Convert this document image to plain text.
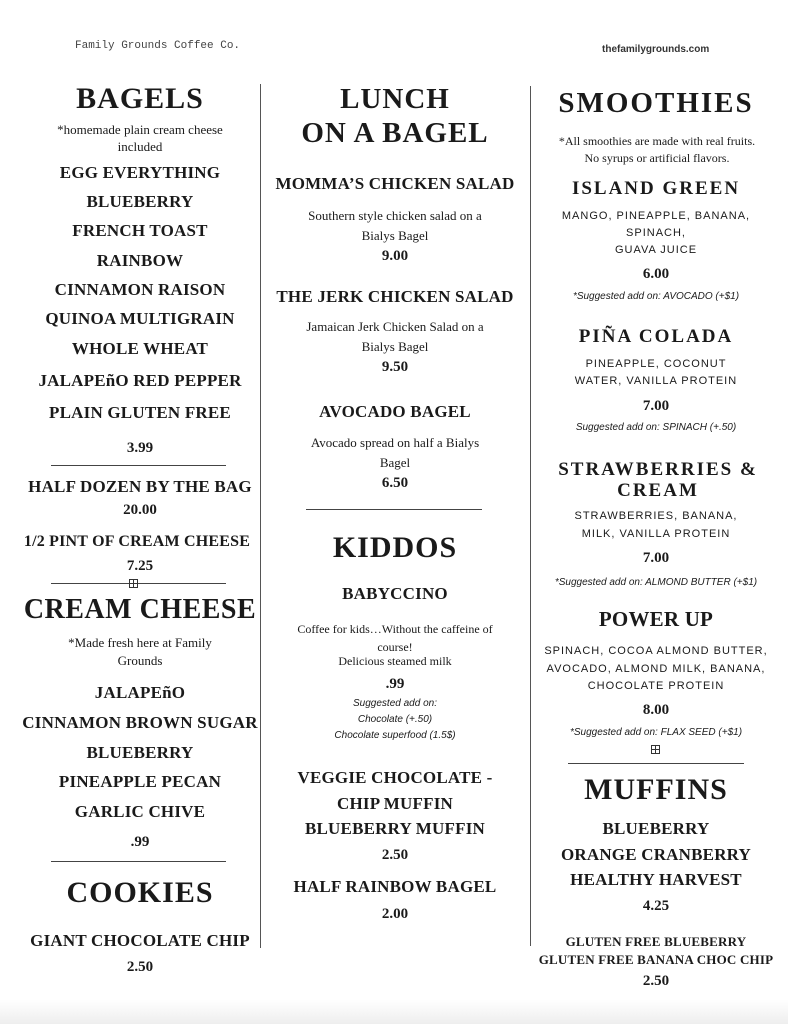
Family Grounds Coffee Co.	thefamilygrounds.com
BAGELS
*homemade plain cream cheese included
EGG EVERYTHING
BLUEBERRY
FRENCH TOAST
RAINBOW
CINNAMON RAISON
QUINOA MULTIGRAIN
WHOLE WHEAT
JALAPEñO RED PEPPER
PLAIN GLUTEN FREE
3.99
HALF DOZEN BY THE BAG
20.00
1/2 PINT OF CREAM CHEESE
7.25
CREAM CHEESE
*Made fresh here at Family Grounds
JALAPEñO
CINNAMON BROWN SUGAR
BLUEBERRY
PINEAPPLE PECAN
GARLIC CHIVE
.99
COOKIES
GIANT CHOCOLATE CHIP
2.50
LUNCH
ON A BAGEL
MOMMA’S CHICKEN SALAD
Southern style chicken salad on a Bialys Bagel
9.00
THE JERK CHICKEN SALAD
Jamaican Jerk Chicken Salad on a Bialys Bagel
9.50
AVOCADO BAGEL
Avocado spread on half a Bialys Bagel
6.50
KIDDOS
BABYCCINO
Coffee for kids…Without the caffeine of course!
Delicious steamed milk
.99
Suggested add on:
Chocolate (+.50)
Chocolate superfood (1.5$)
VEGGIE CHOCOLATE -
CHIP MUFFIN
BLUEBERRY MUFFIN
2.50
HALF RAINBOW BAGEL
2.00
SMOOTHIES
*All smoothies are made with real fruits. No syrups or artificial flavors.
ISLAND GREEN
MANGO, PINEAPPLE, BANANA,
SPINACH,
GUAVA JUICE
6.00
*Suggested add on: AVOCADO (+$1)
PIÑA COLADA
PINEAPPLE, COCONUT
WATER, VANILLA PROTEIN
7.00
Suggested add on: SPINACH (+.50)
STRAWBERRIES & CREAM
STRAWBERRIES, BANANA,
MILK, VANILLA PROTEIN
7.00
*Suggested add on: ALMOND BUTTER (+$1)
POWER UP
SPINACH, COCOA ALMOND BUTTER,
AVOCADO, ALMOND MILK, BANANA,
CHOCOLATE PROTEIN
8.00
*Suggested add on: FLAX SEED (+$1)
MUFFINS
BLUEBERRY
ORANGE CRANBERRY
HEALTHY HARVEST
4.25
GLUTEN FREE BLUEBERRY
GLUTEN FREE BANANA CHOC CHIP
2.50
